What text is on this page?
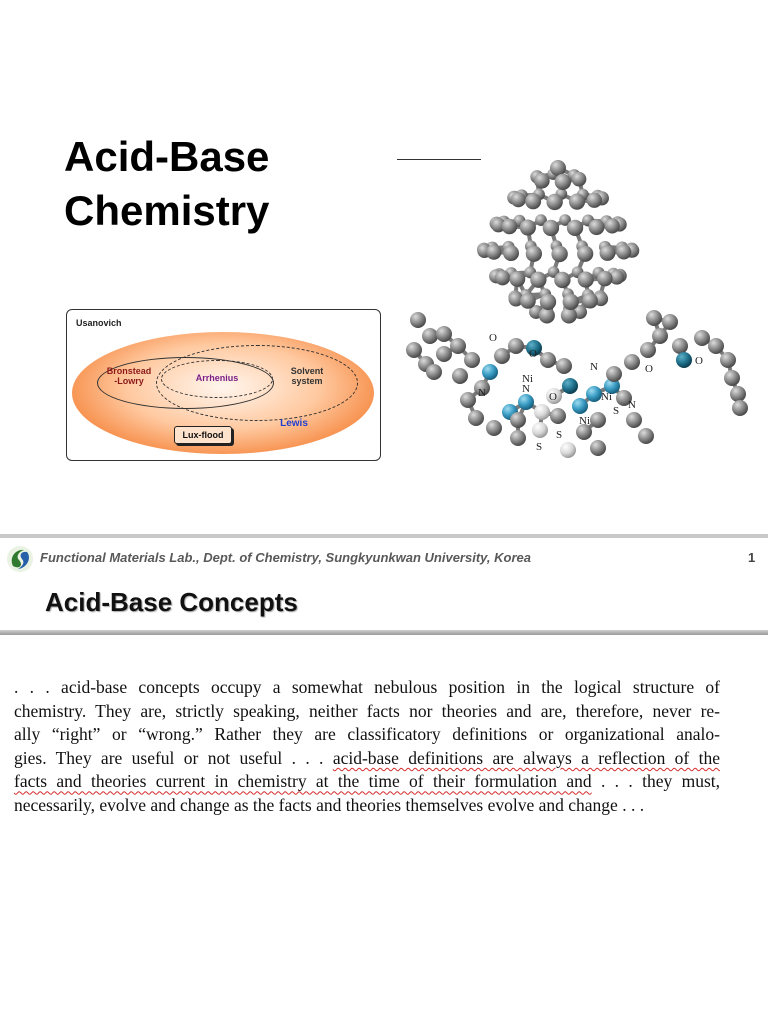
Acid-Base
Chemistry
Usanovich
Bronstead
-Lowry	Arrhenius
Solvent
system
Lewis
Lux-flood
O
O
O
O
O
N
N
N
N
Ni
Ni
Ni
S
S
S
Functional Materials Lab., Dept. of Chemistry, Sungkyunkwan University, Korea	1
Acid-Base Concepts
. . . acid-base concepts occupy a somewhat nebulous position in the logical structure of
chemistry. They are, strictly speaking, neither facts nor theories and are, therefore, never re-
ally “right” or “wrong.” Rather they are classificatory definitions or organizational analo-
gies. They are useful or not useful . . . acid-base definitions are always a reflection of the
facts and theories current in chemistry at the time of their formulation and . . . they must,
necessarily, evolve and change as the facts and theories themselves evolve and change . . .
